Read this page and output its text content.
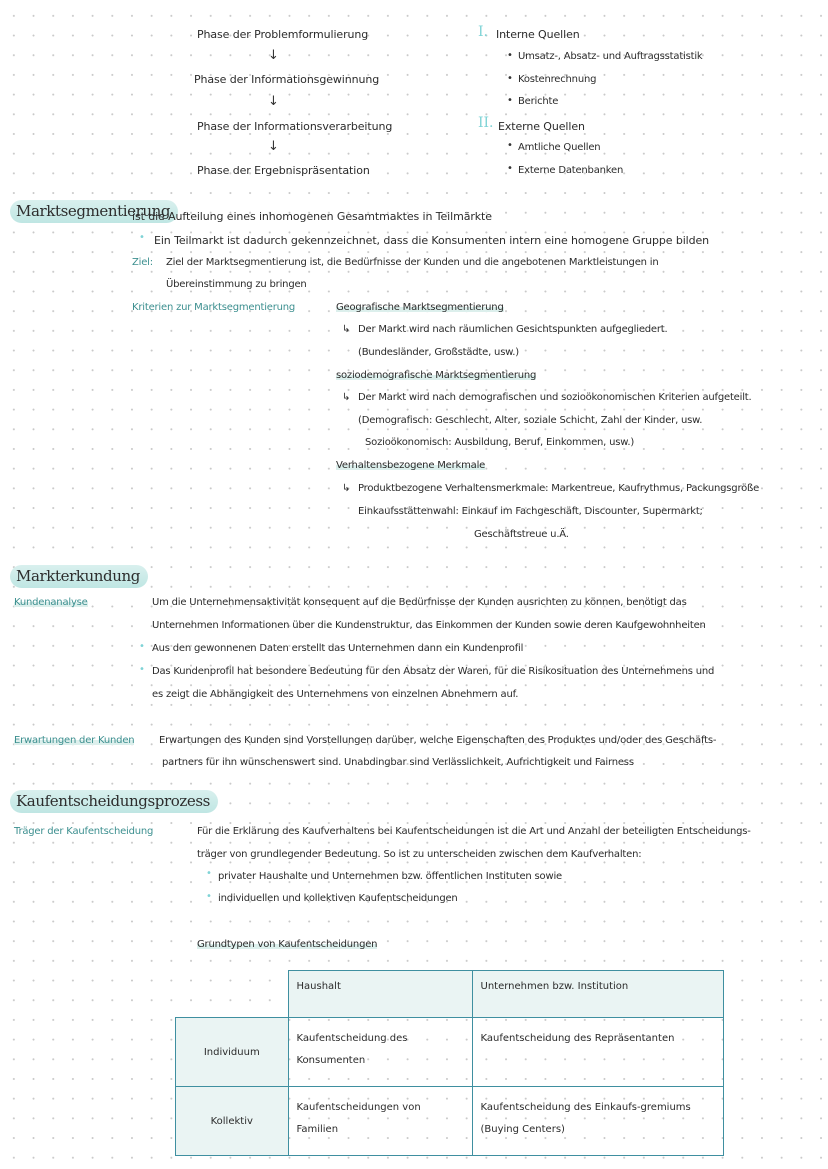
Phase der Problemformulierung
↓
Phase der Informationsgewinnung
↓
Phase der Informationsverarbeitung
↓
Phase der Ergebnispräsentation
I. Interne Quellen
• Umsatz-, Absatz- und Auftragsstatistik
• Kostenrechnung
• Berichte
II. Externe Quellen
• Amtliche Quellen
• Externe Datenbanken
Marktsegmentierung
ist die Aufteilung eines inhomogenen Gesamtmaktes in Teilmärkte
• Ein Teilmarkt ist dadurch gekennzeichnet, dass die Konsumenten intern eine homogene Gruppe bilden
Ziel: Ziel der Marktsegmentierung ist, die Bedürfnisse der Kunden und die angebotenen Marktleistungen in
Übereinstimmung zu bringen
Kriterien zur Marktsegmentierung	Geografische Marktsegmentierung
↳ Der Markt wird nach räumlichen Gesichtspunkten aufgegliedert.
(Bundesländer, Großstädte, usw.)
soziodemografische Marktsegmentierung
↳ Der Markt wird nach demografischen und sozioökonomischen Kriterien aufgeteilt.
(Demografisch: Geschlecht, Alter, soziale Schicht, Zahl der Kinder, usw.
Sozioökonomisch: Ausbildung, Beruf, Einkommen, usw.)
Verhaltensbezogene Merkmale
↳ Produktbezogene Verhaltensmerkmale: Markentreue, Kaufrythmus, Packungsgröße
Einkaufsstättenwahl: Einkauf im Fachgeschäft, Discounter, Supermarkt;
Geschäftstreue u.Ä.
Markterkundung
Kundenanalyse	Um die Unternehmensaktivität konsequent auf die Bedürfnisse der Kunden ausrichten zu können, benötigt das
Unternehmen Informationen über die Kundenstruktur, das Einkommen der Kunden sowie deren Kaufgewohnheiten
• Aus den gewonnenen Daten erstellt das Unternehmen dann ein Kundenprofil
• Das Kundenprofil hat besondere Bedeutung für den Absatz der Waren, für die Risikosituation des Unternehmens und
es zeigt die Abhängigkeit des Unternehmens von einzelnen Abnehmern auf.
Erwartungen der Kunden Erwartungen des Kunden sind Vorstellungen darüber, welche Eigenschaften des Produktes und/oder des Geschäfts-
partners für ihn wünschenswert sind. Unabdingbar sind Verlässlichkeit, Aufrichtigkeit und Fairness
Kaufentscheidungsprozess
Träger der Kaufentscheidung	Für die Erklärung des Kaufverhaltens bei Kaufentscheidungen ist die Art und Anzahl der beteiligten Entscheidungs-
träger von grundlegender Bedeutung. So ist zu unterscheiden zwischen dem Kaufverhalten:
• privater Haushalte und Unternehmen bzw. öffentlichen Instituten sowie
• individuellen und kollektiven Kaufentscheidungen
Grundtypen von Kaufentscheidungen
	Haushalt	Unternehmen bzw. Institution
Individuum	Kaufentscheidung des Konsumenten	Kaufentscheidung des Repräsentanten
Kollektiv	Kaufentscheidungen von Familien	Kaufentscheidung des Einkaufs-gremiums (Buying Centers)
